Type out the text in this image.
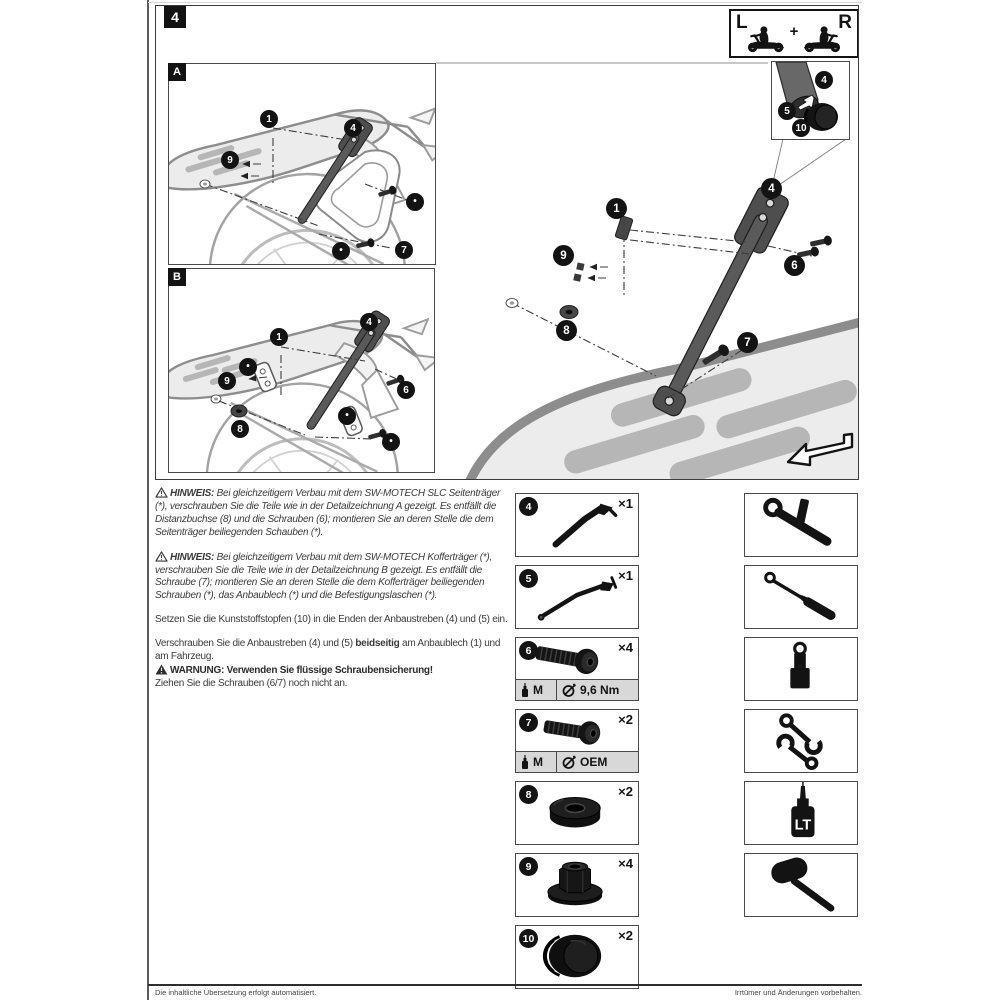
4	L	+ R
1
9
8
7
6
4
A
1
9
4
7
•
•
B
1
9
8
4
6
•
•
•
4
5
10

HINWEIS: Bei gleichzeitigem Verbau mit dem SW-MOTECH SLC Seitenträger (*), verschrauben Sie die Teile wie in der Detailzeichnung A gezeigt. Es entfällt die Distanzbuchse (8) und die Schrauben (6); montieren Sie an deren Stelle die dem Seitenträger beiliegenden Schauben (*).

HINWEIS: Bei gleichzeitigem Verbau mit dem SW-MOTECH Kofferträger (*), verschrauben Sie die Teile wie in der Detailzeichnung B gezeigt. Es entfällt die Schraube (7); montieren Sie an deren Stelle die dem Kofferträger beiliegenden Schrauben (*), das Anbaublech (*) und die Befestigungslaschen (*).

Setzen Sie die Kunststoffstopfen (10) in die Enden der Anbaustreben (4) und (5) ein.

Verschrauben Sie die Anbaustreben (4) und (5) beidseitig am Anbaublech (1) und am Fahrzeug.
WARNUNG: Verwenden Sie flüssige Schraubensicherung!
Ziehen Sie die Schrauben (6/7) noch nicht an.

4	×1
5	×1
6	×4
M	9,6 Nm
7	×2
M	OEM
8	×2
9	×4
10	×2
LT
Die inhaltliche Übersetzung erfolgt automatisiert.	Irrtümer und Änderungen vorbehalten.
